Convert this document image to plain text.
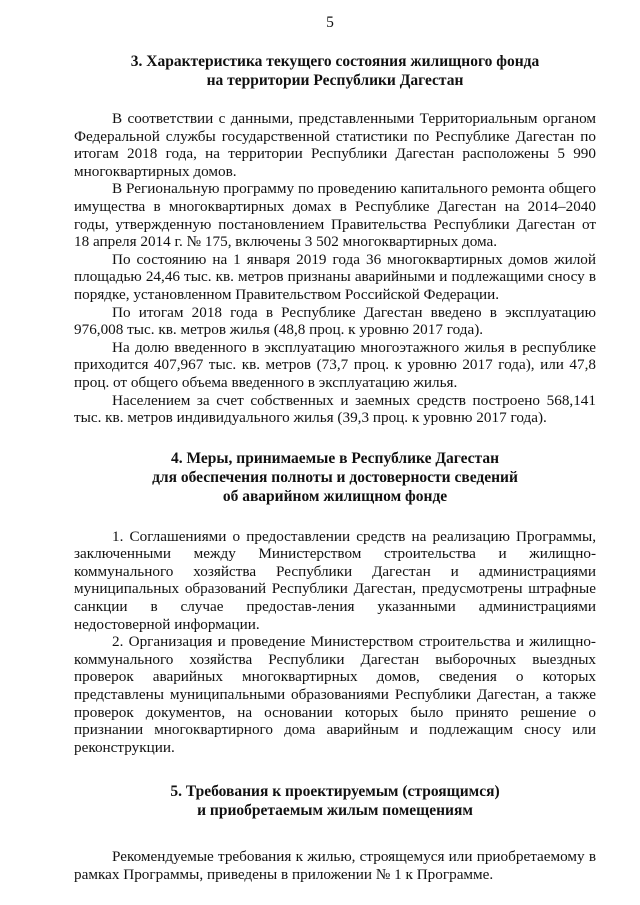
5
3. Характеристика текущего состояния жилищного фонда
на территории Республики Дагестан

В соответствии с данными, представленными Территориальным органом Федеральной службы государственной статистики по Республике Дагестан по итогам 2018 года, на территории Республики Дагестан расположены 5 990 многоквартирных домов.

В Региональную программу по проведению капитального ремонта общего имущества в многоквартирных домах в Республике Дагестан на 2014–2040 годы, утвержденную постановлением Правительства Республики Дагестан от 18 апреля 2014 г. № 175, включены 3 502 многоквартирных дома.

По состоянию на 1 января 2019 года 36 многоквартирных домов жилой площадью 24,46 тыс. кв. метров признаны аварийными и подлежащими сносу в порядке, установленном Правительством Российской Федерации.

По итогам 2018 года в Республике Дагестан введено в эксплуатацию 976,008 тыс. кв. метров жилья (48,8 проц. к уровню 2017 года).

На долю введенного в эксплуатацию многоэтажного жилья в республике приходится 407,967 тыс. кв. метров (73,7 проц. к уровню 2017 года), или 47,8 проц. от общего объема введенного в эксплуатацию жилья.

Населением за счет собственных и заемных средств построено 568,141 тыс. кв. метров индивидуального жилья (39,3 проц. к уровню 2017 года).

4. Меры, принимаемые в Республике Дагестан
для обеспечения полноты и достоверности сведений
об аварийном жилищном фонде

1. Соглашениями о предоставлении средств на реализацию Программы, заключенными между Министерством строительства и жилищно-коммунального хозяйства Республики Дагестан и администрациями муниципальных образований Республики Дагестан, предусмотрены штрафные санкции в случае предостав-ления указанными администрациями недостоверной информации.

2. Организация и проведение Министерством строительства и жилищно-коммунального хозяйства Республики Дагестан выборочных выездных проверок аварийных многоквартирных домов, сведения о которых представлены муниципальными образованиями Республики Дагестан, а также проверок документов, на основании которых было принято решение о признании многоквартирного дома аварийным и подлежащим сносу или реконструкции.

5. Требования к проектируемым (строящимся)
и приобретаемым жилым помещениям

Рекомендуемые требования к жилью, строящемуся или приобретаемому в рамках Программы, приведены в приложении № 1 к Программе.
